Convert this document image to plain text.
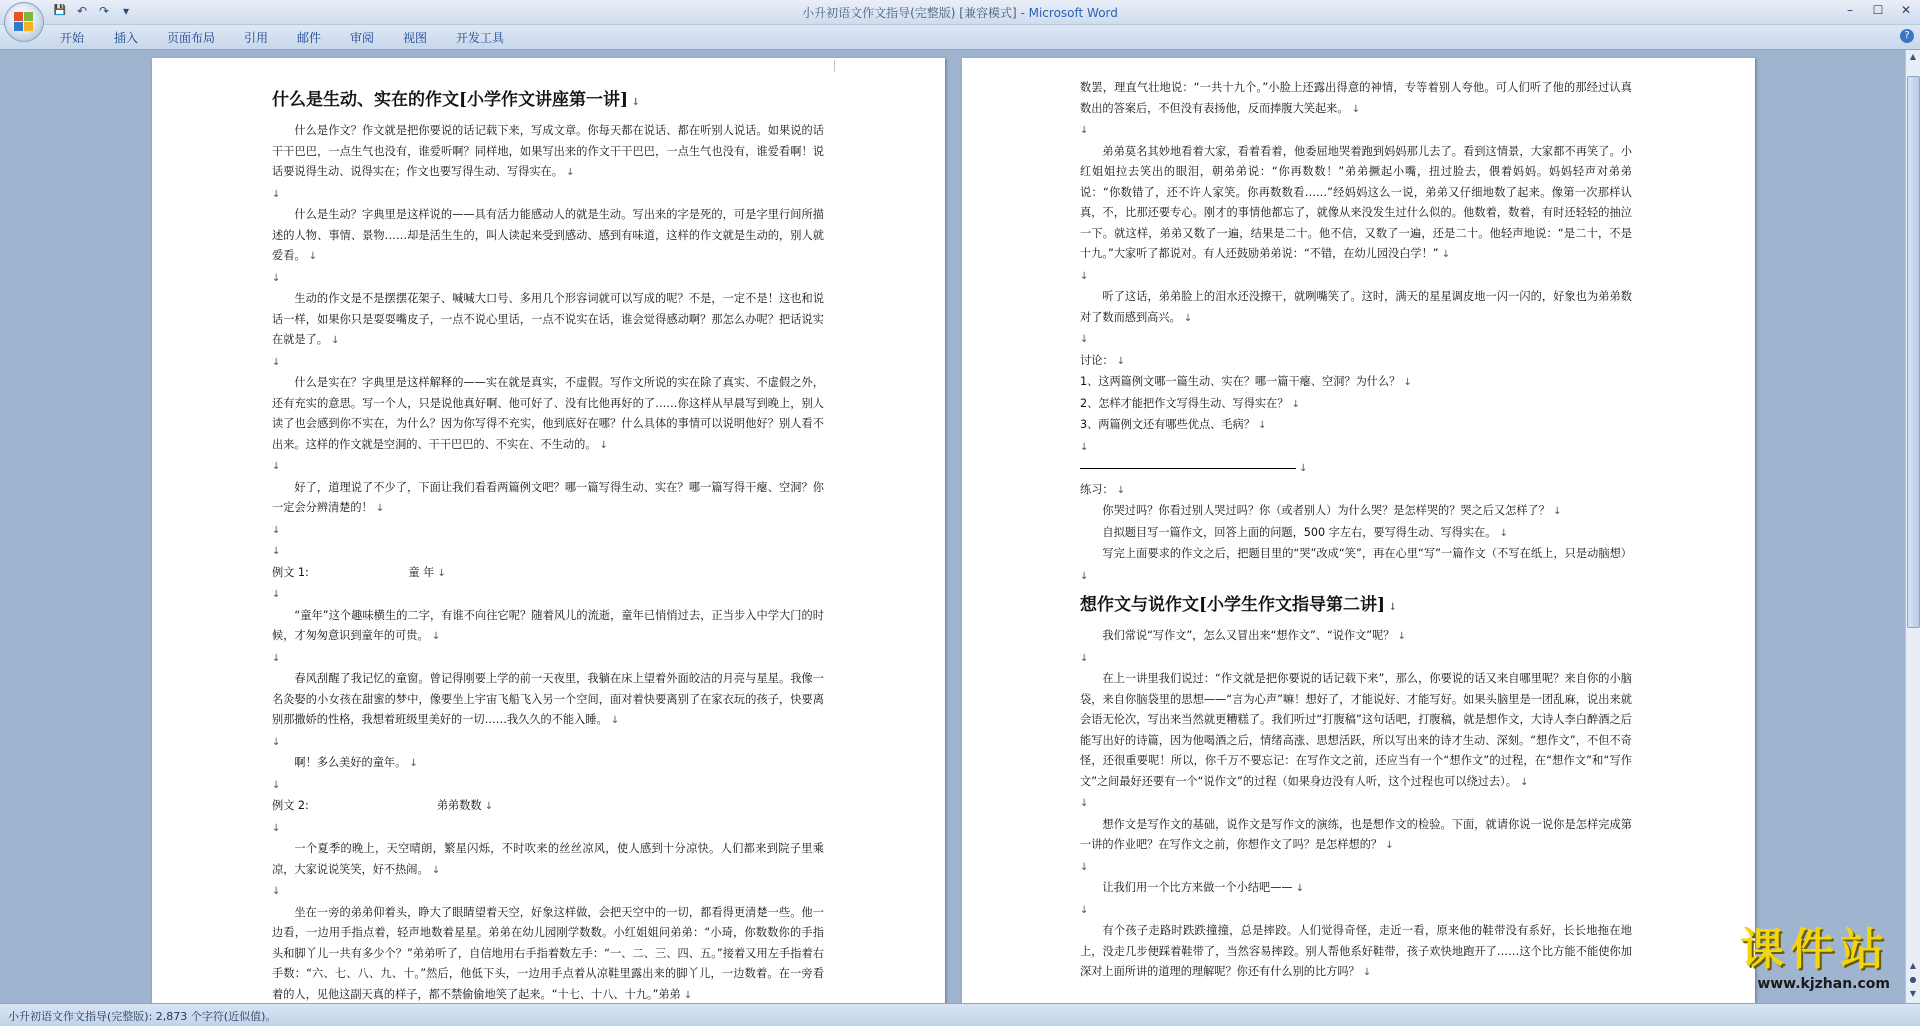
💾 ↶ ↷	▾	小升初语文作文指导(完整版) [兼容模式] - Microsoft Word	–	☐	✕
开始 插入 页面布局 引用 邮件 审阅 视图 开发工具	?

什么是生动、实在的作文[小学作文讲座第一讲] ↓

什么是作文？作文就是把你要说的话记载下来，写成文章。你每天都在说话、都在听别人说话。如果说的话干干巴巴，一点生气也没有，谁爱听啊？同样地，如果写出来的作文干干巴巴，一点生气也没有，谁爱看啊！说话要说得生动、说得实在；作文也要写得生动、写得实在。 ↓

↓

什么是生动？字典里是这样说的——具有活力能感动人的就是生动。写出来的字是死的，可是字里行间所描述的人物、事情、景物……却是活生生的，叫人读起来受到感动、感到有味道，这样的作文就是生动的，别人就爱看。 ↓

↓

生动的作文是不是摆摆花架子、喊喊大口号、多用几个形容词就可以写成的呢？不是，一定不是！这也和说话一样，如果你只是耍耍嘴皮子，一点不说心里话，一点不说实在话，谁会觉得感动啊？那怎么办呢？把话说实在就是了。 ↓

↓

什么是实在？字典里是这样解释的——实在就是真实，不虚假。写作文所说的实在除了真实、不虚假之外，还有充实的意思。写一个人，只是说他真好啊、他可好了、没有比他再好的了……你这样从早晨写到晚上，别人读了也会感到你不实在，为什么？因为你写得不充实，他到底好在哪？什么具体的事情可以说明他好？别人看不出来。这样的作文就是空洞的、干干巴巴的、不实在、不生动的。 ↓

↓

好了，道理说了不少了，下面让我们看看两篇例文吧？哪一篇写得生动、实在？哪一篇写得干瘪、空洞？你一定会分辨清楚的！ ↓

↓

↓

例文 1:                            童 年 ↓

↓

“童年”这个趣味横生的二字，有谁不向往它呢？随着风儿的流逝，童年已悄悄过去，正当步入中学大门的时候，才匆匆意识到童年的可贵。 ↓

↓

春风刮醒了我记忆的童窗。曾记得刚要上学的前一天夜里，我躺在床上望着外面皎洁的月亮与星星。我像一名灸娶的小女孩在甜蜜的梦中，像要坐上宇宙飞船飞入另一个空间，面对着快要离别了在家衣玩的孩子，快要离别那撒娇的性格，我想着班级里美好的一切……我久久的不能入睡。 ↓

↓

啊！多么美好的童年。 ↓

↓

例文 2:                                    弟弟数数 ↓

↓

一个夏季的晚上，天空晴朗，繁星闪烁，不时吹来的丝丝凉风，使人感到十分凉快。人们都来到院子里乘凉，大家说说笑笑，好不热闹。 ↓

↓

坐在一旁的弟弟仰着头，睁大了眼睛望着天空，好象这样做，会把天空中的一切，都看得更清楚一些。他一边看，一边用手指点着，轻声地数着星星。弟弟在幼儿园刚学数数。小红姐姐问弟弟：“小琦，你数数你的手指头和脚丫儿一共有多少个？”弟弟听了，自信地用右手指着数左手：“一、二、三、四、五。”接着又用左手指着右手数：“六、七、八、九、十。”然后，他低下头，一边用手点着从凉鞋里露出来的脚丫儿，一边数着。在一旁看着的人，见他这副天真的样子，都不禁偷偷地笑了起来。“十七、十八、十九。”弟弟 ↓

数罢，理直气壮地说：“一共十九个。”小脸上还露出得意的神情，专等着别人夸他。可人们听了他的那经过认真数出的答案后，不但没有表扬他，反而捧腹大笑起来。 ↓

↓

弟弟莫名其妙地看着大家，看着看着，他委屈地哭着跑到妈妈那儿去了。看到这情景，大家都不再笑了。小红姐姐拉去笑出的眼泪，朝弟弟说：“你再数数！”弟弟撅起小嘴，扭过脸去，偎着妈妈。妈妈轻声对弟弟说：“你数错了，还不许人家笑。你再数数看……”经妈妈这么一说，弟弟又仔细地数了起来。像第一次那样认真，不，比那还要专心。刚才的事情他都忘了，就像从来没发生过什么似的。他数着，数着，有时还轻轻的抽泣一下。就这样，弟弟又数了一遍，结果是二十。他不信，又数了一遍，还是二十。他轻声地说：“是二十，不是十九。”大家听了都说对。有人还鼓励弟弟说：“不错，在幼儿园没白学！” ↓

↓

听了这话，弟弟脸上的泪水还没擦干，就咧嘴笑了。这时，满天的星星调皮地一闪一闪的，好象也为弟弟数对了数而感到高兴。 ↓

↓

讨论： ↓

1、这两篇例文哪一篇生动、实在？哪一篇干瘪、空洞？为什么？ ↓

2、怎样才能把作文写得生动、写得实在？ ↓

3、两篇例文还有哪些优点、毛病？ ↓

↓

↓

练习： ↓

你哭过吗？你看过别人哭过吗？你（或者别人）为什么哭？是怎样哭的？哭之后又怎样了？ ↓

自拟题目写一篇作文，回答上面的问题，500 字左右，要写得生动、写得实在。 ↓

写完上面要求的作文之后，把题目里的“哭”改成“笑”，再在心里“写”一篇作文（不写在纸上，只是动脑想） ↓

想作文与说作文[小学生作文指导第二讲] ↓

我们常说“写作文”，怎么又冒出来“想作文”、“说作文”呢？ ↓

↓

在上一讲里我们说过：“作文就是把你要说的话记载下来”，那么，你要说的话又来自哪里呢？来自你的小脑袋，来自你脑袋里的思想——“言为心声”嘛！想好了，才能说好、才能写好。如果头脑里是一团乱麻，说出来就会语无伦次，写出来当然就更糟糕了。我们听过“打腹稿”这句话吧，打腹稿，就是想作文，大诗人李白醉酒之后能写出好的诗篇，因为他喝酒之后，情绪高涨、思想活跃，所以写出来的诗才生动、深刻。“想作文”，不但不奇怪，还很重要呢！所以，你千万不要忘记：在写作文之前，还应当有一个“想作文”的过程，在“想作文”和“写作文”之间最好还要有一个“说作文”的过程（如果身边没有人听，这个过程也可以绕过去）。 ↓

↓

想作文是写作文的基础，说作文是写作文的演练，也是想作文的检验。下面，就请你说一说你是怎样完成第一讲的作业吧？在写作文之前，你想作文了吗？是怎样想的？ ↓

↓

让我们用一个比方来做一个小结吧—— ↓

↓

有个孩子走路时跌跌撞撞，总是摔跤。人们觉得奇怪，走近一看，原来他的鞋带没有系好，长长地拖在地上，没走几步便踩着鞋带了，当然容易摔跤。别人帮他系好鞋带，孩子欢快地跑开了……这个比方能不能使你加深对上面所讲的道理的理解呢？你还有什么别的比方吗？ ↓

▲
▲
●
▼
课件站
www.kjzhan.com
小升初语文作文指导(完整版): 2,873 个字符(近似值)。
